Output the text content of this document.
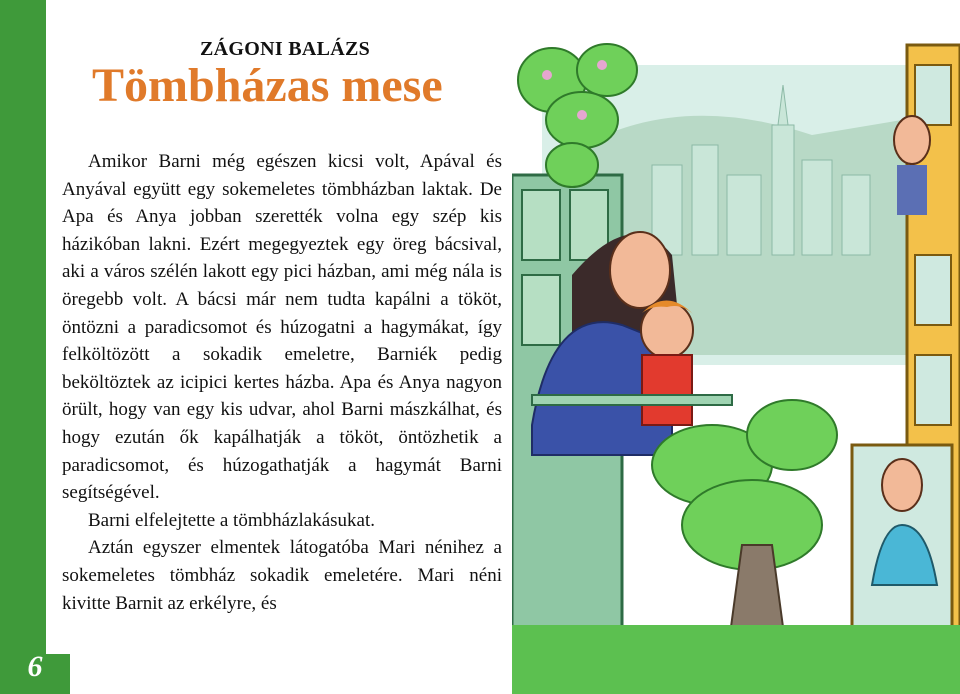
ZÁGONI BALÁZS
Tömbházas mese

Amikor Barni még egészen kicsi volt, Apával és Anyával együtt egy sokemeletes tömbházban laktak. De Apa és Anya jobban szerették volna egy szép kis házikóban lakni. Ezért megegyeztek egy öreg bácsival, aki a város szélén lakott egy pici házban, ami még nála is öregebb volt. A bácsi már nem tudta kapálni a tököt, öntözni a paradicsomot és húzogatni a hagymákat, így felköltözött a sokadik emeletre, Barniék pedig beköltöztek az icipici kertes házba. Apa és Anya nagyon örült, hogy van egy kis udvar, ahol Barni mászkálhat, és hogy ezután ők kapálhatják a tököt, öntözhetik a paradicsomot, és húzogathatják a hagymát Barni segítségével.

Barni elfelejtette a tömbházlakásukat.

Aztán egyszer elmentek látogatóba Mari nénihez a sokemeletes tömbház sokadik emeletére. Mari néni kivitte Barnit az erkélyre, és

6
